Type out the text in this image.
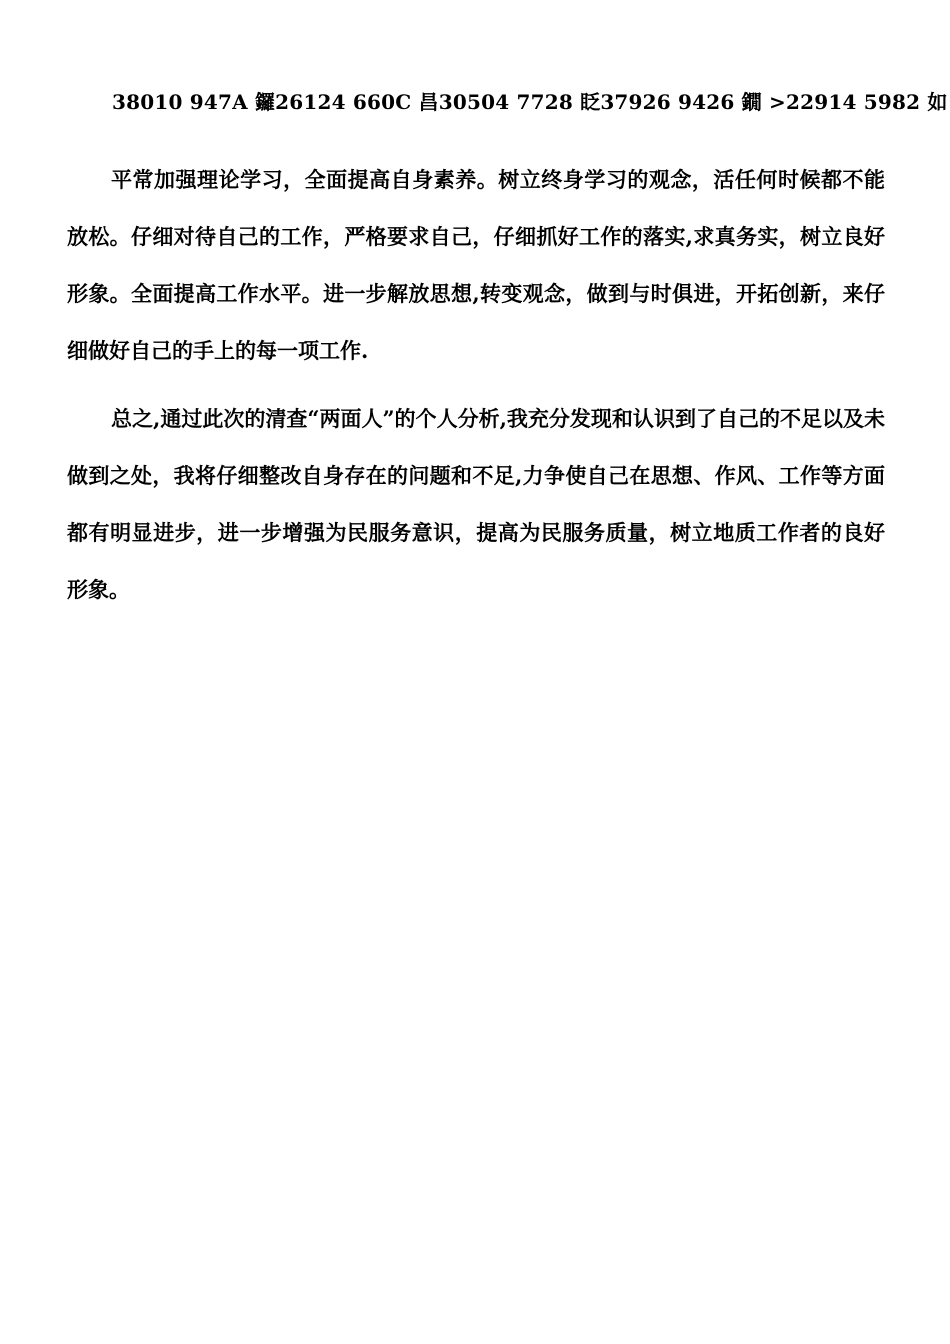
38010 947A 鑼26124 660C 昌30504 7728 眨37926 9426 鐗 >22914 5982 如

平常加强理论学习，全面提高自身素养。树立终身学习的观念，活任何时候都不能放松。仔细对待自己的工作，严格要求自己，仔细抓好工作的落实,求真务实，树立良好形象。全面提高工作水平。进一步解放思想,转变观念，做到与时俱进，开拓创新，来仔细做好自己的手上的每一项工作.

总之,通过此次的清查“两面人”的个人分析,我充分发现和认识到了自己的不足以及未做到之处，我将仔细整改自身存在的问题和不足,力争使自己在思想、作风、工作等方面都有明显进步，进一步增强为民服务意识，提高为民服务质量，树立地质工作者的良好形象。
